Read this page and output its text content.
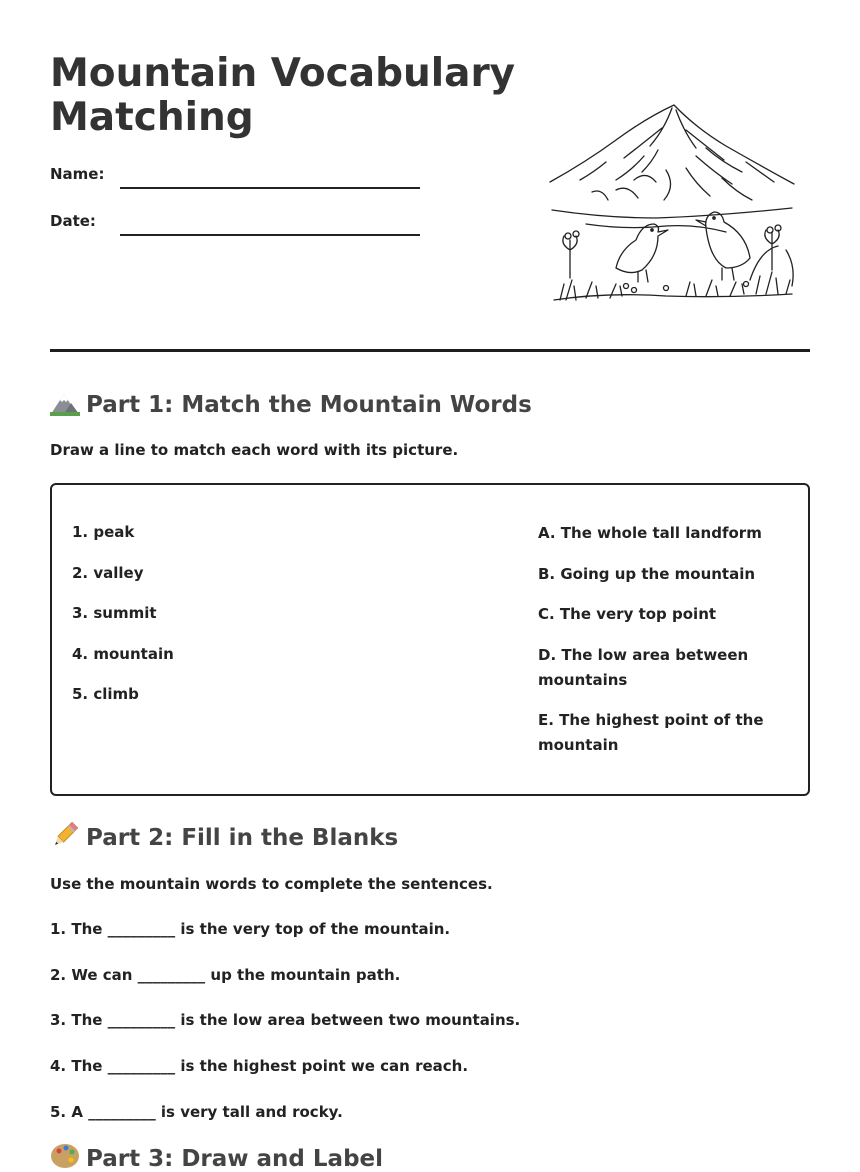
Mountain Vocabulary Matching
Name:
Date:
Part 1: Match the Mountain Words
Draw a line to match each word with its picture.
1. peak
2. valley
3. summit
4. mountain
5. climb
A. The whole tall landform
B. Going up the mountain
C. The very top point
D. The low area between mountains
E. The highest point of the mountain
Part 2: Fill in the Blanks
Use the mountain words to complete the sentences.
1. The _________ is the very top of the mountain.
2. We can _________ up the mountain path.
3. The _________ is the low area between two mountains.
4. The _________ is the highest point we can reach.
5. A _________ is very tall and rocky.
Part 3: Draw and Label
